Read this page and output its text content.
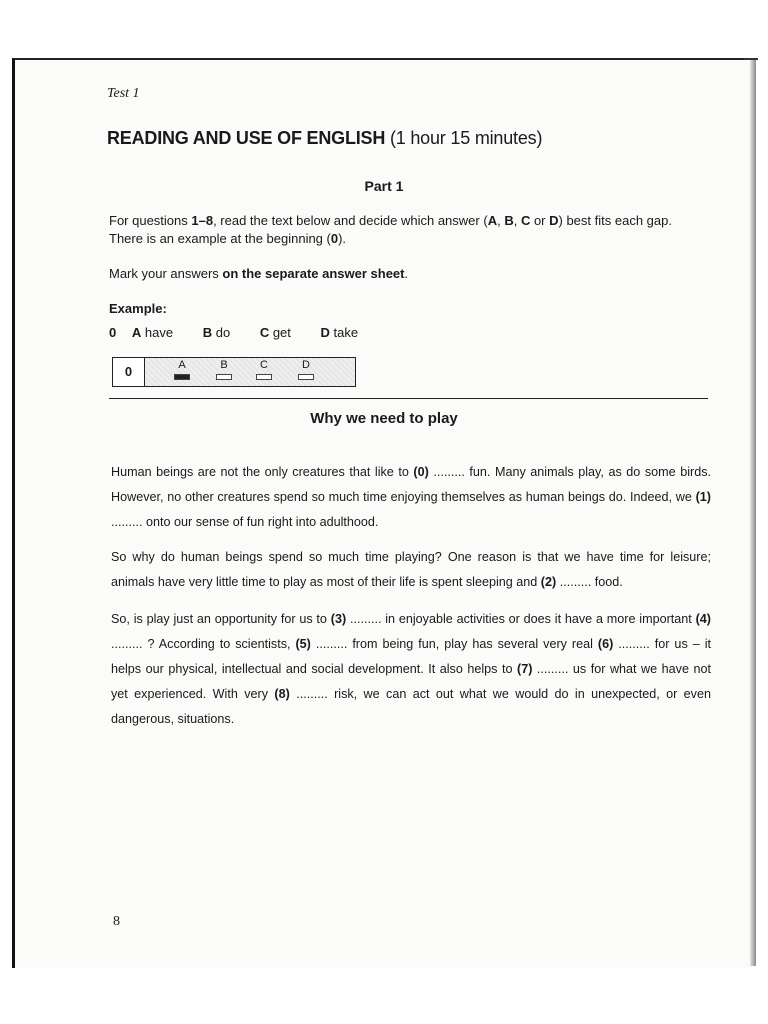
Test 1
READING AND USE OF ENGLISH (1 hour 15 minutes)
Part 1
For questions 1–8, read the text below and decide which answer (A, B, C or D) best fits each gap.
There is an example at the beginning (0).
Mark your answers on the separate answer sheet.
Example:
0 A have B do C get D take
0	A	B	C	D
Why we need to play
Human beings are not the only creatures that like to (0) ......... fun. Many animals play, as do some birds. However, no other creatures spend so much time enjoying themselves as human beings do. Indeed, we (1) ......... onto our sense of fun right into adulthood.
So why do human beings spend so much time playing? One reason is that we have time for leisure; animals have very little time to play as most of their life is spent sleeping and (2) ......... food.
So, is play just an opportunity for us to (3) ......... in enjoyable activities or does it have a more important (4) ......... ? According to scientists, (5) ......... from being fun, play has several very real (6) ......... for us – it helps our physical, intellectual and social development. It also helps to (7) ......... us for what we have not yet experienced. With very (8) ......... risk, we can act out what we would do in unexpected, or even dangerous, situations.
8
